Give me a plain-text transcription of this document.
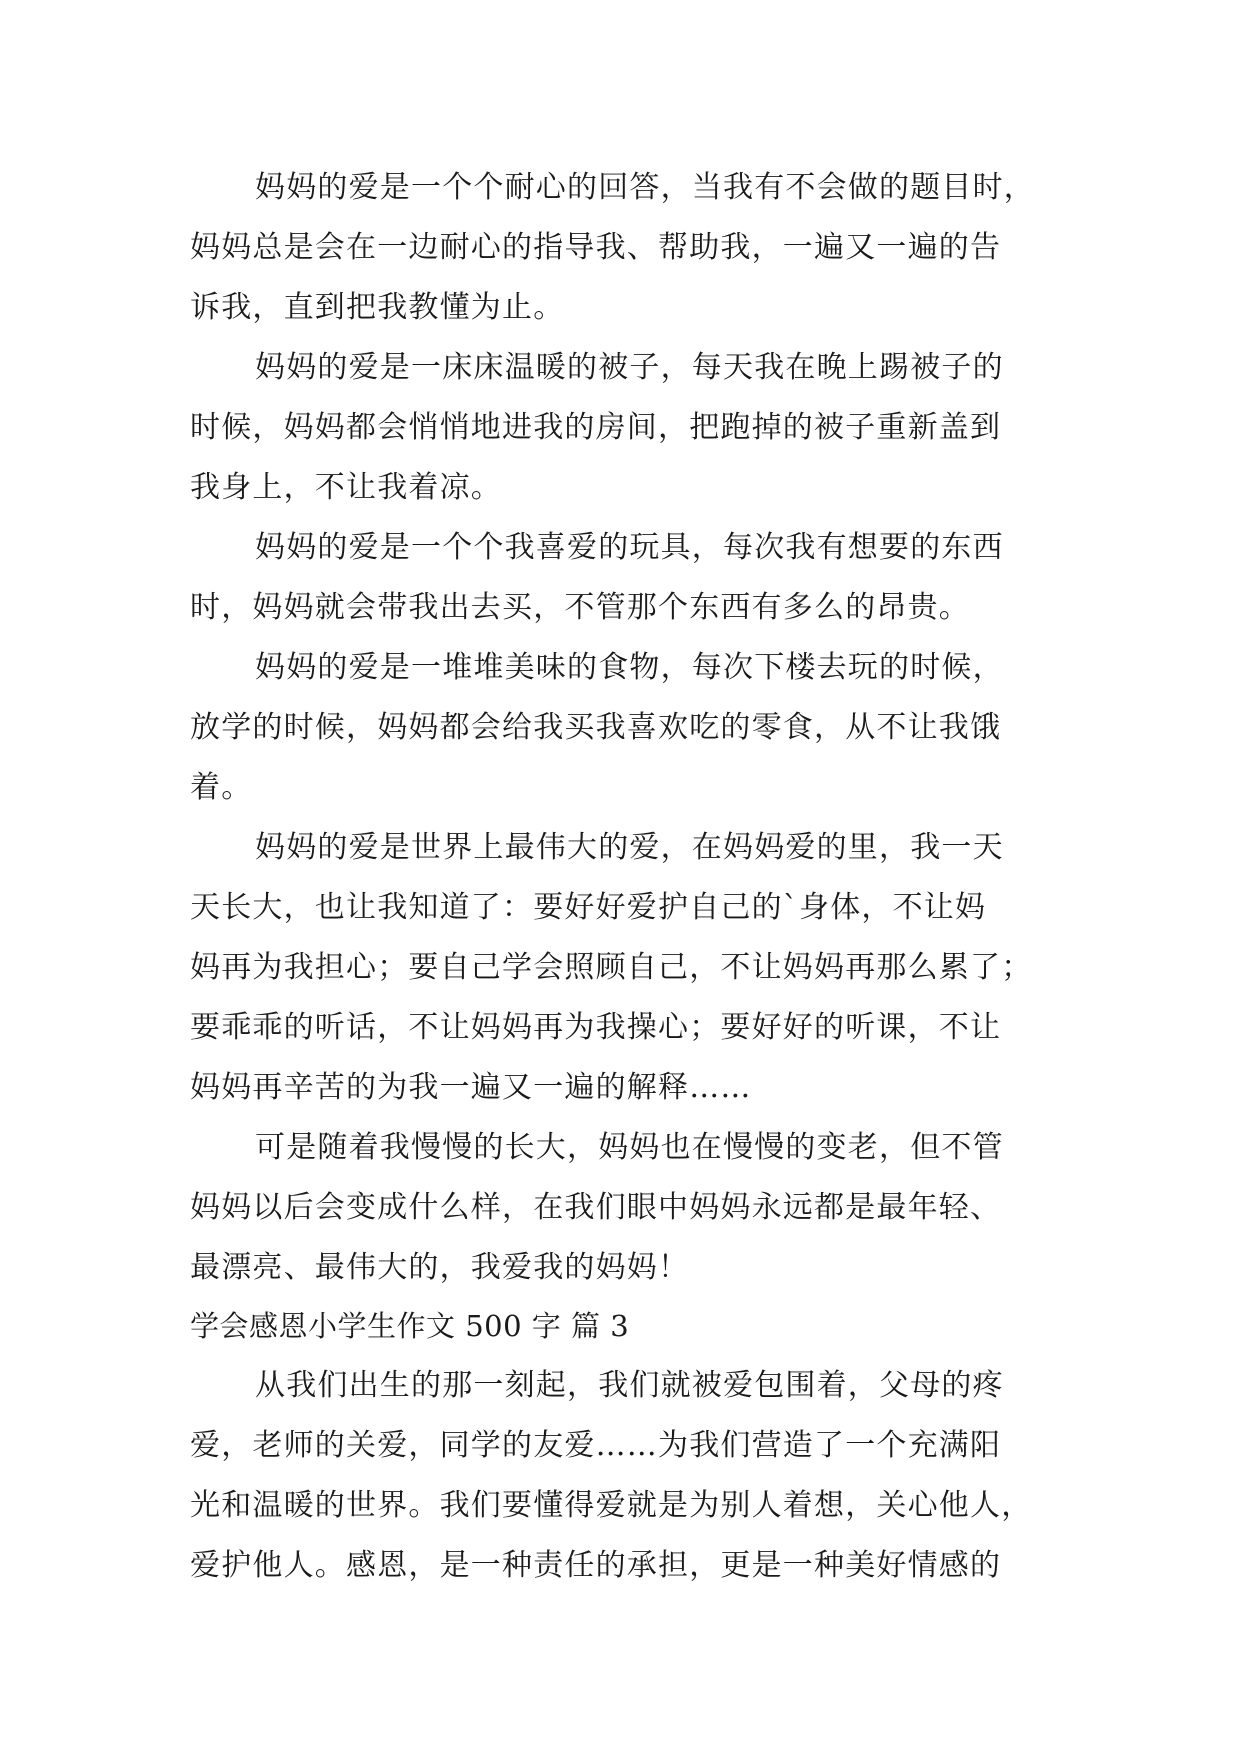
妈妈的爱是一个个耐心的回答，当我有不会做的题目时，
妈妈总是会在一边耐心的指导我、帮助我，一遍又一遍的告
诉我，直到把我教懂为止。
妈妈的爱是一床床温暖的被子，每天我在晚上踢被子的
时候，妈妈都会悄悄地进我的房间，把跑掉的被子重新盖到
我身上，不让我着凉。
妈妈的爱是一个个我喜爱的玩具，每次我有想要的东西
时，妈妈就会带我出去买，不管那个东西有多么的昂贵。
妈妈的爱是一堆堆美味的食物，每次下楼去玩的时候，
放学的时候，妈妈都会给我买我喜欢吃的零食，从不让我饿
着。
妈妈的爱是世界上最伟大的爱，在妈妈爱的里，我一天
天长大，也让我知道了：要好好爱护自己的`身体，不让妈
妈再为我担心；要自己学会照顾自己，不让妈妈再那么累了；
要乖乖的听话，不让妈妈再为我操心；要好好的听课，不让
妈妈再辛苦的为我一遍又一遍的解释……
可是随着我慢慢的长大，妈妈也在慢慢的变老，但不管
妈妈以后会变成什么样，在我们眼中妈妈永远都是最年轻、
最漂亮、最伟大的，我爱我的妈妈！
学会感恩小学生作文 500 字 篇 3
从我们出生的那一刻起，我们就被爱包围着，父母的疼
爱，老师的关爱，同学的友爱……为我们营造了一个充满阳
光和温暖的世界。我们要懂得爱就是为别人着想，关心他人，
爱护他人。感恩，是一种责任的承担，更是一种美好情感的
